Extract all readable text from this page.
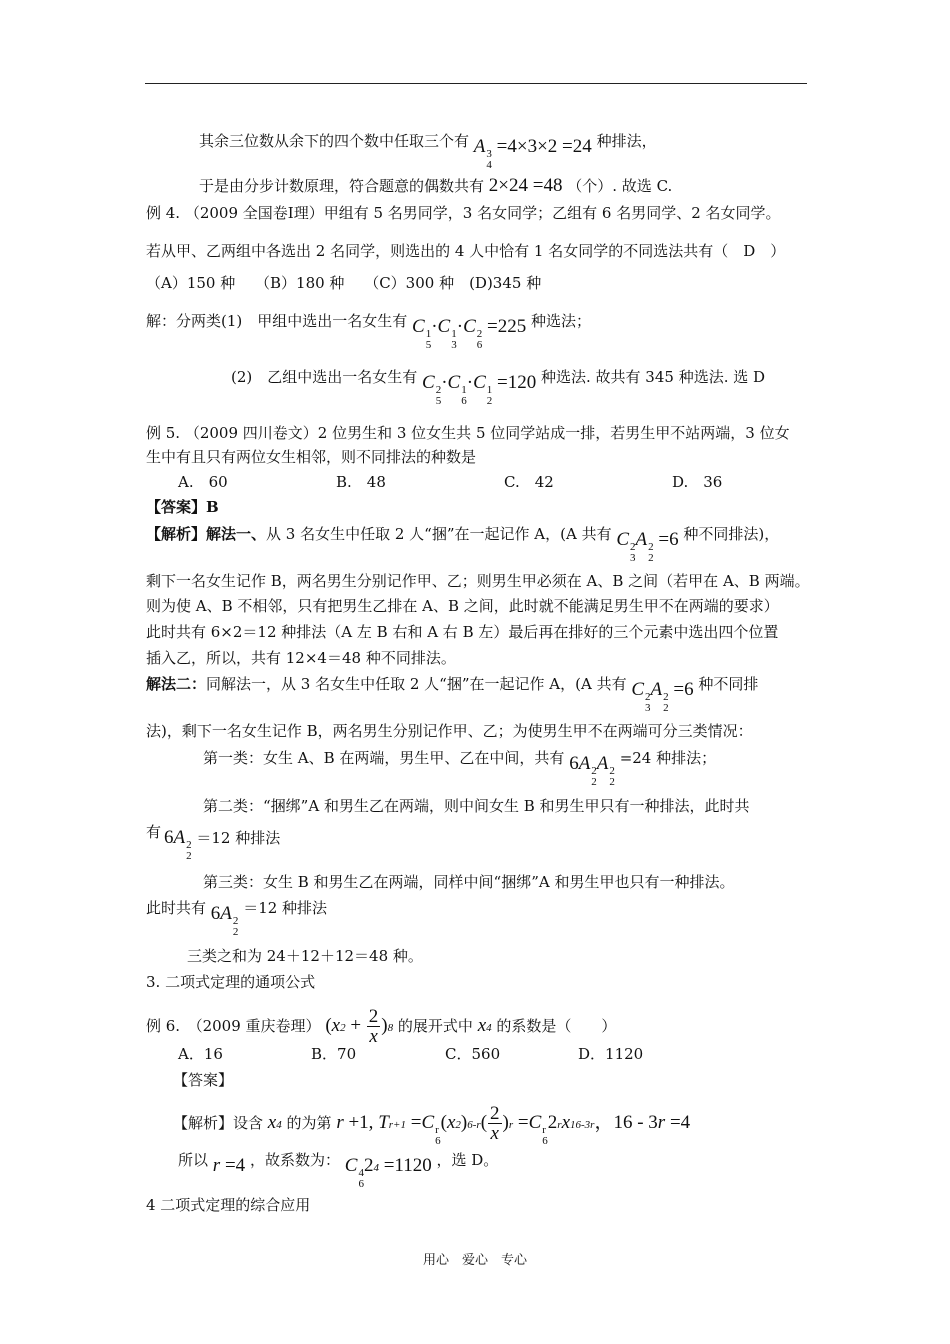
其余三位数从余下的四个数中任取三个有 A 3
4
=4×3×2 =24 种排法，
于是由分步计数原理，符合题意的偶数共有 2×24 =48 （个）. 故选 C.
例 4. （2009 全国卷Ⅰ理）甲组有 5 名男同学，3 名女同学；乙组有 6 名男同学、2 名女同学。
若从甲、乙两组中各选出 2 名同学，则选出的 4 人中恰有 1 名女同学的不同选法共有（　D　）
（A）150 种　 （B）180 种　 （C）300 种　(D)345 种
解：分两类(1)　甲组中选出一名女生有 C 1
5
·C 1
3
·C 2
6
=225 种选法；
(2)　乙组中选出一名女生有 C 2
5
·C 1
6
·C 1
2
=120 种选法. 故共有 345 种选法. 选 D
例 5. （2009 四川卷文）2 位男生和 3 位女生共 5 位同学站成一排，若男生甲不站两端，3 位女
生中有且只有两位女生相邻，则不同排法的种数是
A.　60	B.　48	C.　42	D.　36
【答案】B
【解析】解法一、从 3 名女生中任取 2 人“捆”在一起记作 A，(A 共有 C 2
3
A 2
2
=6 种不同排法)，
剩下一名女生记作 B，两名男生分别记作甲、乙；则男生甲必须在 A、B 之间（若甲在 A、B 两端。
则为使 A、B 不相邻，只有把男生乙排在 A、B 之间，此时就不能满足男生甲不在两端的要求）
此时共有 6×2＝12 种排法（A 左 B 右和 A 右 B 左）最后再在排好的三个元素中选出四个位置
插入乙，所以，共有 12×4＝48 种不同排法。
解法二：同解法一，从 3 名女生中任取 2 人“捆”在一起记作 A，(A 共有 C 2
3
A 2
2
=6 种不同排
法)，剩下一名女生记作 B，两名男生分别记作甲、乙；为使男生甲不在两端可分三类情况：
第一类：女生 A、B 在两端，男生甲、乙在中间，共有 6A 2
2
A 2
2
=24 种排法；
第二类：“捆绑”A 和男生乙在两端，则中间女生 B 和男生甲只有一种排法，此时共
有 6A 2
2
＝12 种排法
第三类：女生 B 和男生乙在两端，同样中间“捆绑”A 和男生甲也只有一种排法。
此时共有 6A 2
2
＝12 种排法
三类之和为 24＋12＋12＝48 种。
3. 二项式定理的通项公式
例 6.　（2009 重庆卷理） $(x2 + \frac{2}{x} )8$ 的展开式中 x4 的系数是（　　）
A．16	B．70	C．560	D．1120
【答案】
【解析】设含 x4 的为第 r +1, Tr+1 =C r
6
$(x2)6-r( \frac{2}{x} )r =C$ r
6
2rx16-3r，16 - 3r =4
所以 r =4 ，故系数为： C 4
6
24 =1120 ，选 D。
4 二项式定理的综合应用
用心　爱心　专心
